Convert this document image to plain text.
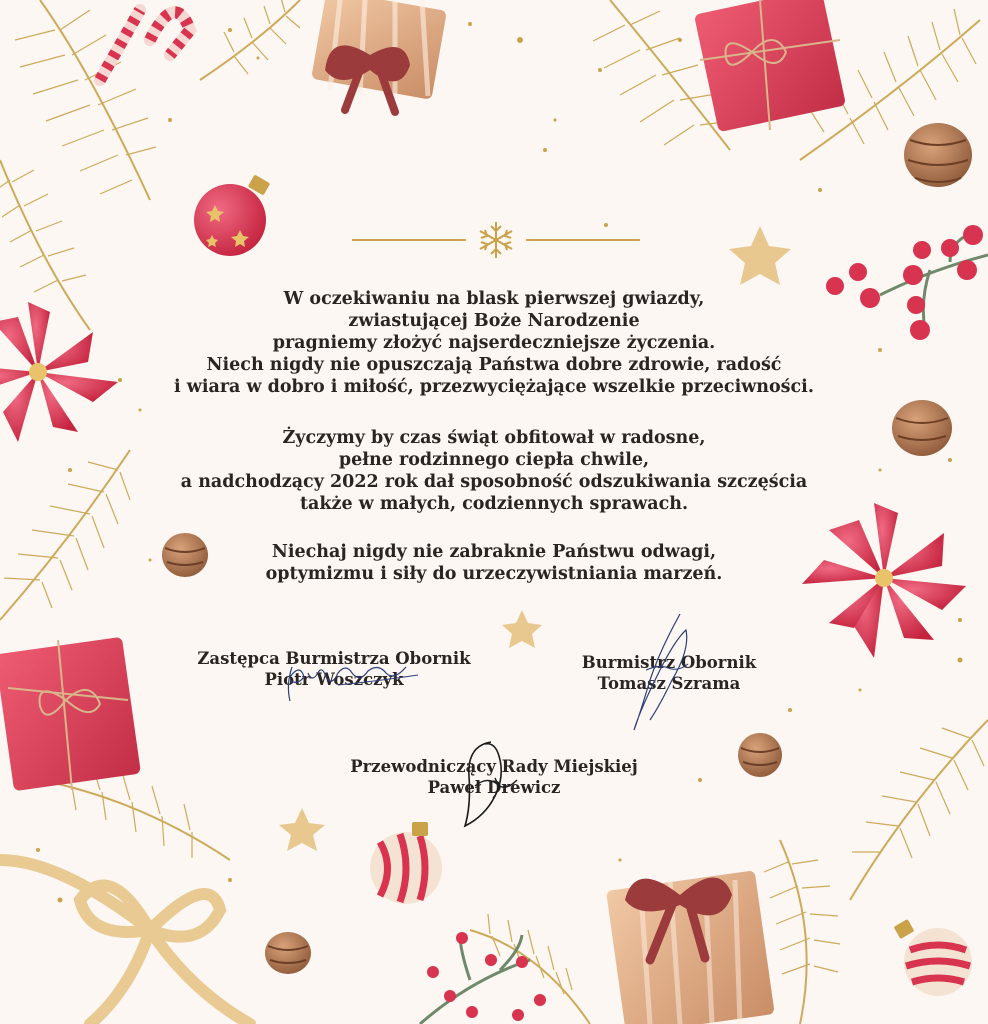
W oczekiwaniu na blask pierwszej gwiazdy,
zwiastującej Boże Narodzenie
pragniemy złożyć najserdeczniejsze życzenia.
Niech nigdy nie opuszczają Państwa dobre zdrowie, radość
i wiara w dobro i miłość, przezwyciężające wszelkie przeciwności.
Życzymy by czas świąt obfitował w radosne,
pełne rodzinnego ciepła chwile,
a nadchodzący 2022 rok dał sposobność odszukiwania szczęścia
także w małych, codziennych sprawach.
Niechaj nigdy nie zabraknie Państwu odwagi,
optymizmu i siły do urzeczywistniania marzeń.
Zastępca Burmistrza Obornik
Piotr Woszczyk
Burmistrz Obornik
Tomasz Szrama
Przewodniczący Rady Miejskiej
Paweł Drewicz
